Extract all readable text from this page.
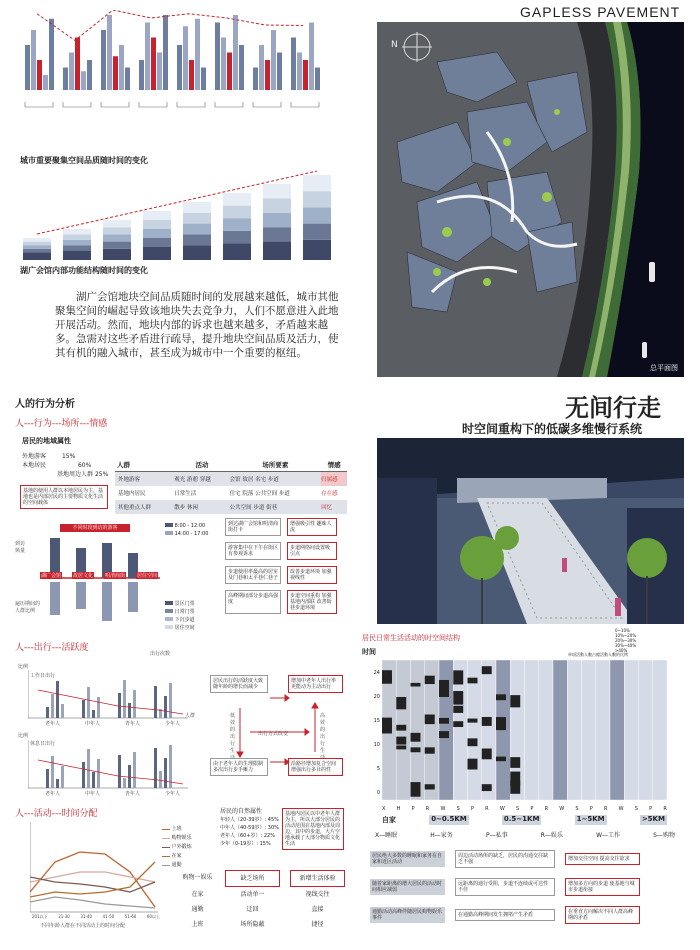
城市重要聚集空间品质随时间的变化
湖广会馆内部功能结构随时间的变化
湖广会馆地块空间品质随时间的发展越来越低，城市其他聚集空间的崛起导致该地块失去竞争力，人们不愿意进入此地开展活动。然而，地块内部的诉求也越来越多，矛盾越来越多。急需对这些矛盾进行疏导，提升地块空间品质及活力，使其有机的融入城市，甚至成为城市中一个重要的枢纽。
GAPLESS PAVEMENT
N
总平面图
无间行走
时空间重构下的低碳多维慢行系统
人的行为分析
人---行为---场所---情感
居民的地域属性
外地游客	15%
本地居民	60%
基地周边人群 25%
基地的使用人群以本地居民为主，基地也是内部居民的主要物质文化生活的空间载体
人群	活动	场所要素	情感
外地游客	观光 游憩 穿越	会馆 故居 名宅 步道	归属感
基地内居民	日常生活	住宅 院落 公共空间 步道	存在感
其他重点人群	散步 休闲	公共空间 步道 街巷	回忆
不同时段到访的游客
到访频量
遍历期间的人群比例
湖广会馆 故居文化 明清商街 居住空间
8:00 - 12:00
14:00 - 17:00
景区门票
日常门票
下沉步道
居住空间
到达湖广会馆和明清商街打卡
增强吸引性 趣味人流
游客集中在下午在街区有参观诉求
步道网络间设置吸引点
步道使用率最高的居室及门巷和太平巷仁巷子
改善步道环境 加强视线性
高峰期间部分步道高强度
步道空间重构 加强基地内部联 改善街巷步道环境
人---出行---活跃度
出行次数
比例
工作日出行
老年人	中年人	青年人	少年人
人群
比例
休息日出行
老年人	中年人	青年人	少年人
居民出行的活跃度大致随年龄的增长而减少
增加中老年人出行率 更能动为主动出行
低效的出行生
高效的出行生
出行方式改变
由于老年人的生理限制 多次出行步手瘫力
沿路径增加复合空间 增强出行多目的性
人---活动---时间分配
201以下	21-30	31-40	41-50	51-60	60以上
不同年龄人群在不同活动上的时间分配
上班
购物娱乐
户外锻炼
在家
通勤
居民的自然属性
年轻人（20-39岁）: 45%
中年人（40-59岁）: 30%
老年人（60+岁）: 22%
少年（0-19岁）: 15%
基地内居民以中老年人群为主，所以大部分居民的活动范围在基地内部及周边，其中的步道，大片空地承载了大部分物质文化生活
购物一娱乐	缺乏场所	新增生活体验
在家	活动单一	视线交往
通勤	迂回	直接
上班	场所隐蔽	捷径
居民日常生活活动的时空间结构
时间
0~10%
10%~20%
20%~30%
30%~40%
>40%
单項活動人數占總活動人數的比例
24
20
15
10
5
0
X H P R W S P R W S P R W S P R W S P R
自家	0~0.5KM	0.5~1KM	1~5KM	>5KM
X—睡眠	H—家务	P—私事	R—娱乐	W—工作	S—购物
居民绝大多数的睡眠和家务在自家和近区活动
周边活动场所的缺乏，居民的沟通交往缺乏不强	增加交往空间 提高交往欲求
随着家距离的增大居民的活动时间相应减弱
远距离的通行受阻，步道不连续或可达性不佳
增加多方向的步道 使基地与城市步道衔接
通勤活动高峰伴随居民购物娱乐事件	在通勤高峰期间发生拥堵产生矛盾	在垂直方向解决不同人群高峰期的矛盾
